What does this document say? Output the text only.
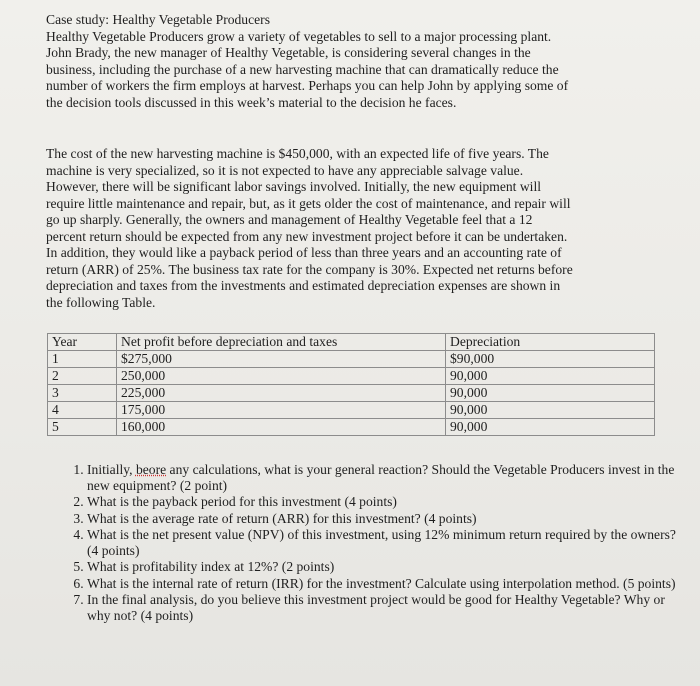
Case study: Healthy Vegetable Producers
Healthy Vegetable Producers grow a variety of vegetables to sell to a major processing plant.
John Brady, the new manager of Healthy Vegetable, is considering several changes in the
business, including the purchase of a new harvesting machine that can dramatically reduce the
number of workers the firm employs at harvest. Perhaps you can help John by applying some of
the decision tools discussed in this week’s material to the decision he faces.
The cost of the new harvesting machine is $450,000, with an expected life of five years. The
machine is very specialized, so it is not expected to have any appreciable salvage value.
However, there will be significant labor savings involved. Initially, the new equipment will
require little maintenance and repair, but, as it gets older the cost of maintenance, and repair will
go up sharply. Generally, the owners and management of Healthy Vegetable feel that a 12
percent return should be expected from any new investment project before it can be undertaken.
In addition, they would like a payback period of less than three years and an accounting rate of
return (ARR) of 25%. The business tax rate for the company is 30%. Expected net returns before
depreciation and taxes from the investments and estimated depreciation expenses are shown in
the following Table.
Year	Net profit before depreciation and taxes	Depreciation
1	$275,000	$90,000
2	250,000	90,000
3	225,000	90,000
4	175,000	90,000
5	160,000	90,000
1. Initially, beore any calculations, what is your general reaction? Should the Vegetable Producers invest in the new equipment? (2 point)
2. What is the payback period for this investment (4 points)
3. What is the average rate of return (ARR) for this investment? (4 points)
4. What is the net present value (NPV) of this investment, using 12% minimum return required by the owners? (4 points)
5. What is profitability index at 12%? (2 points)
6. What is the internal rate of return (IRR) for the investment? Calculate using interpolation method. (5 points)
7. In the final analysis, do you believe this investment project would be good for Healthy Vegetable? Why or why not? (4 points)
